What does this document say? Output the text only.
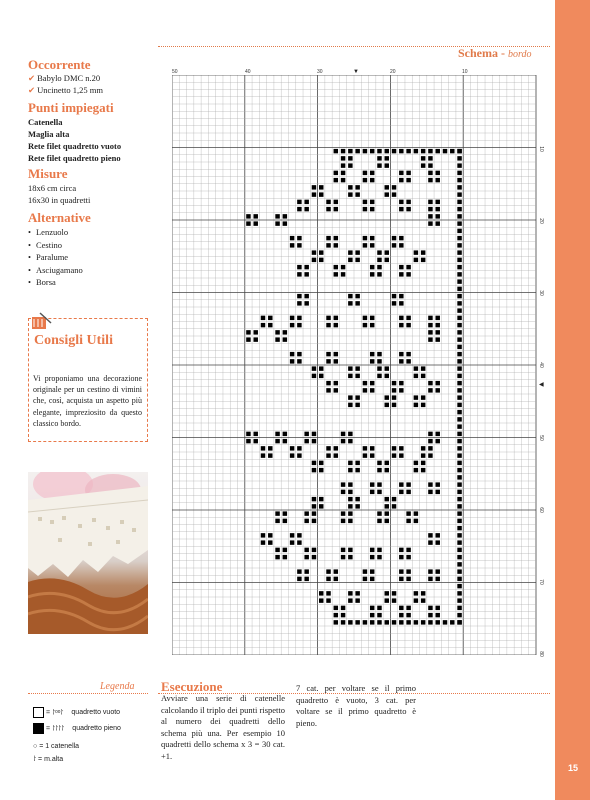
15
PassionForum.ru
Schema - bordo
Occorrente

✔ Babylo DMC n.20

✔ Uncinetto 1,25 mm

Punti impiegati

Catenella

Maglia alta

Rete filet quadretto vuoto

Rete filet quadretto pieno

Misure

18x6 cm circa

16x30 in quadretti

Alternative
• Lenzuolo
• Cestino
• Paralume
• Asciugamano
• Borsa
Consigli Utili

Vi proponiamo una decorazione originale per un cestino di vimini che, così, acquista un aspetto più elegante, impreziosito da questo classico bordo.

Legenda
= ⸷ᵒᵒ⸷ quadretto vuoto
= ⸷⸷⸷⸷ quadretto pieno
○ = 1 catenella
⸷ = m.alta
Esecuzione

Avviare una serie di catenelle calcolando il triplo dei punti rispetto al numero dei quadretti dello schema più una. Per esempio 10 quadretti dello schema x 3 = 30 cat. +1.

7 cat. per voltare se il primo quadretto è vuoto, 3 cat. per voltare se il primo quadretto è pieno.

50	40	30	20	10
10
20
30
40
50
60
70
80
▼
◀
